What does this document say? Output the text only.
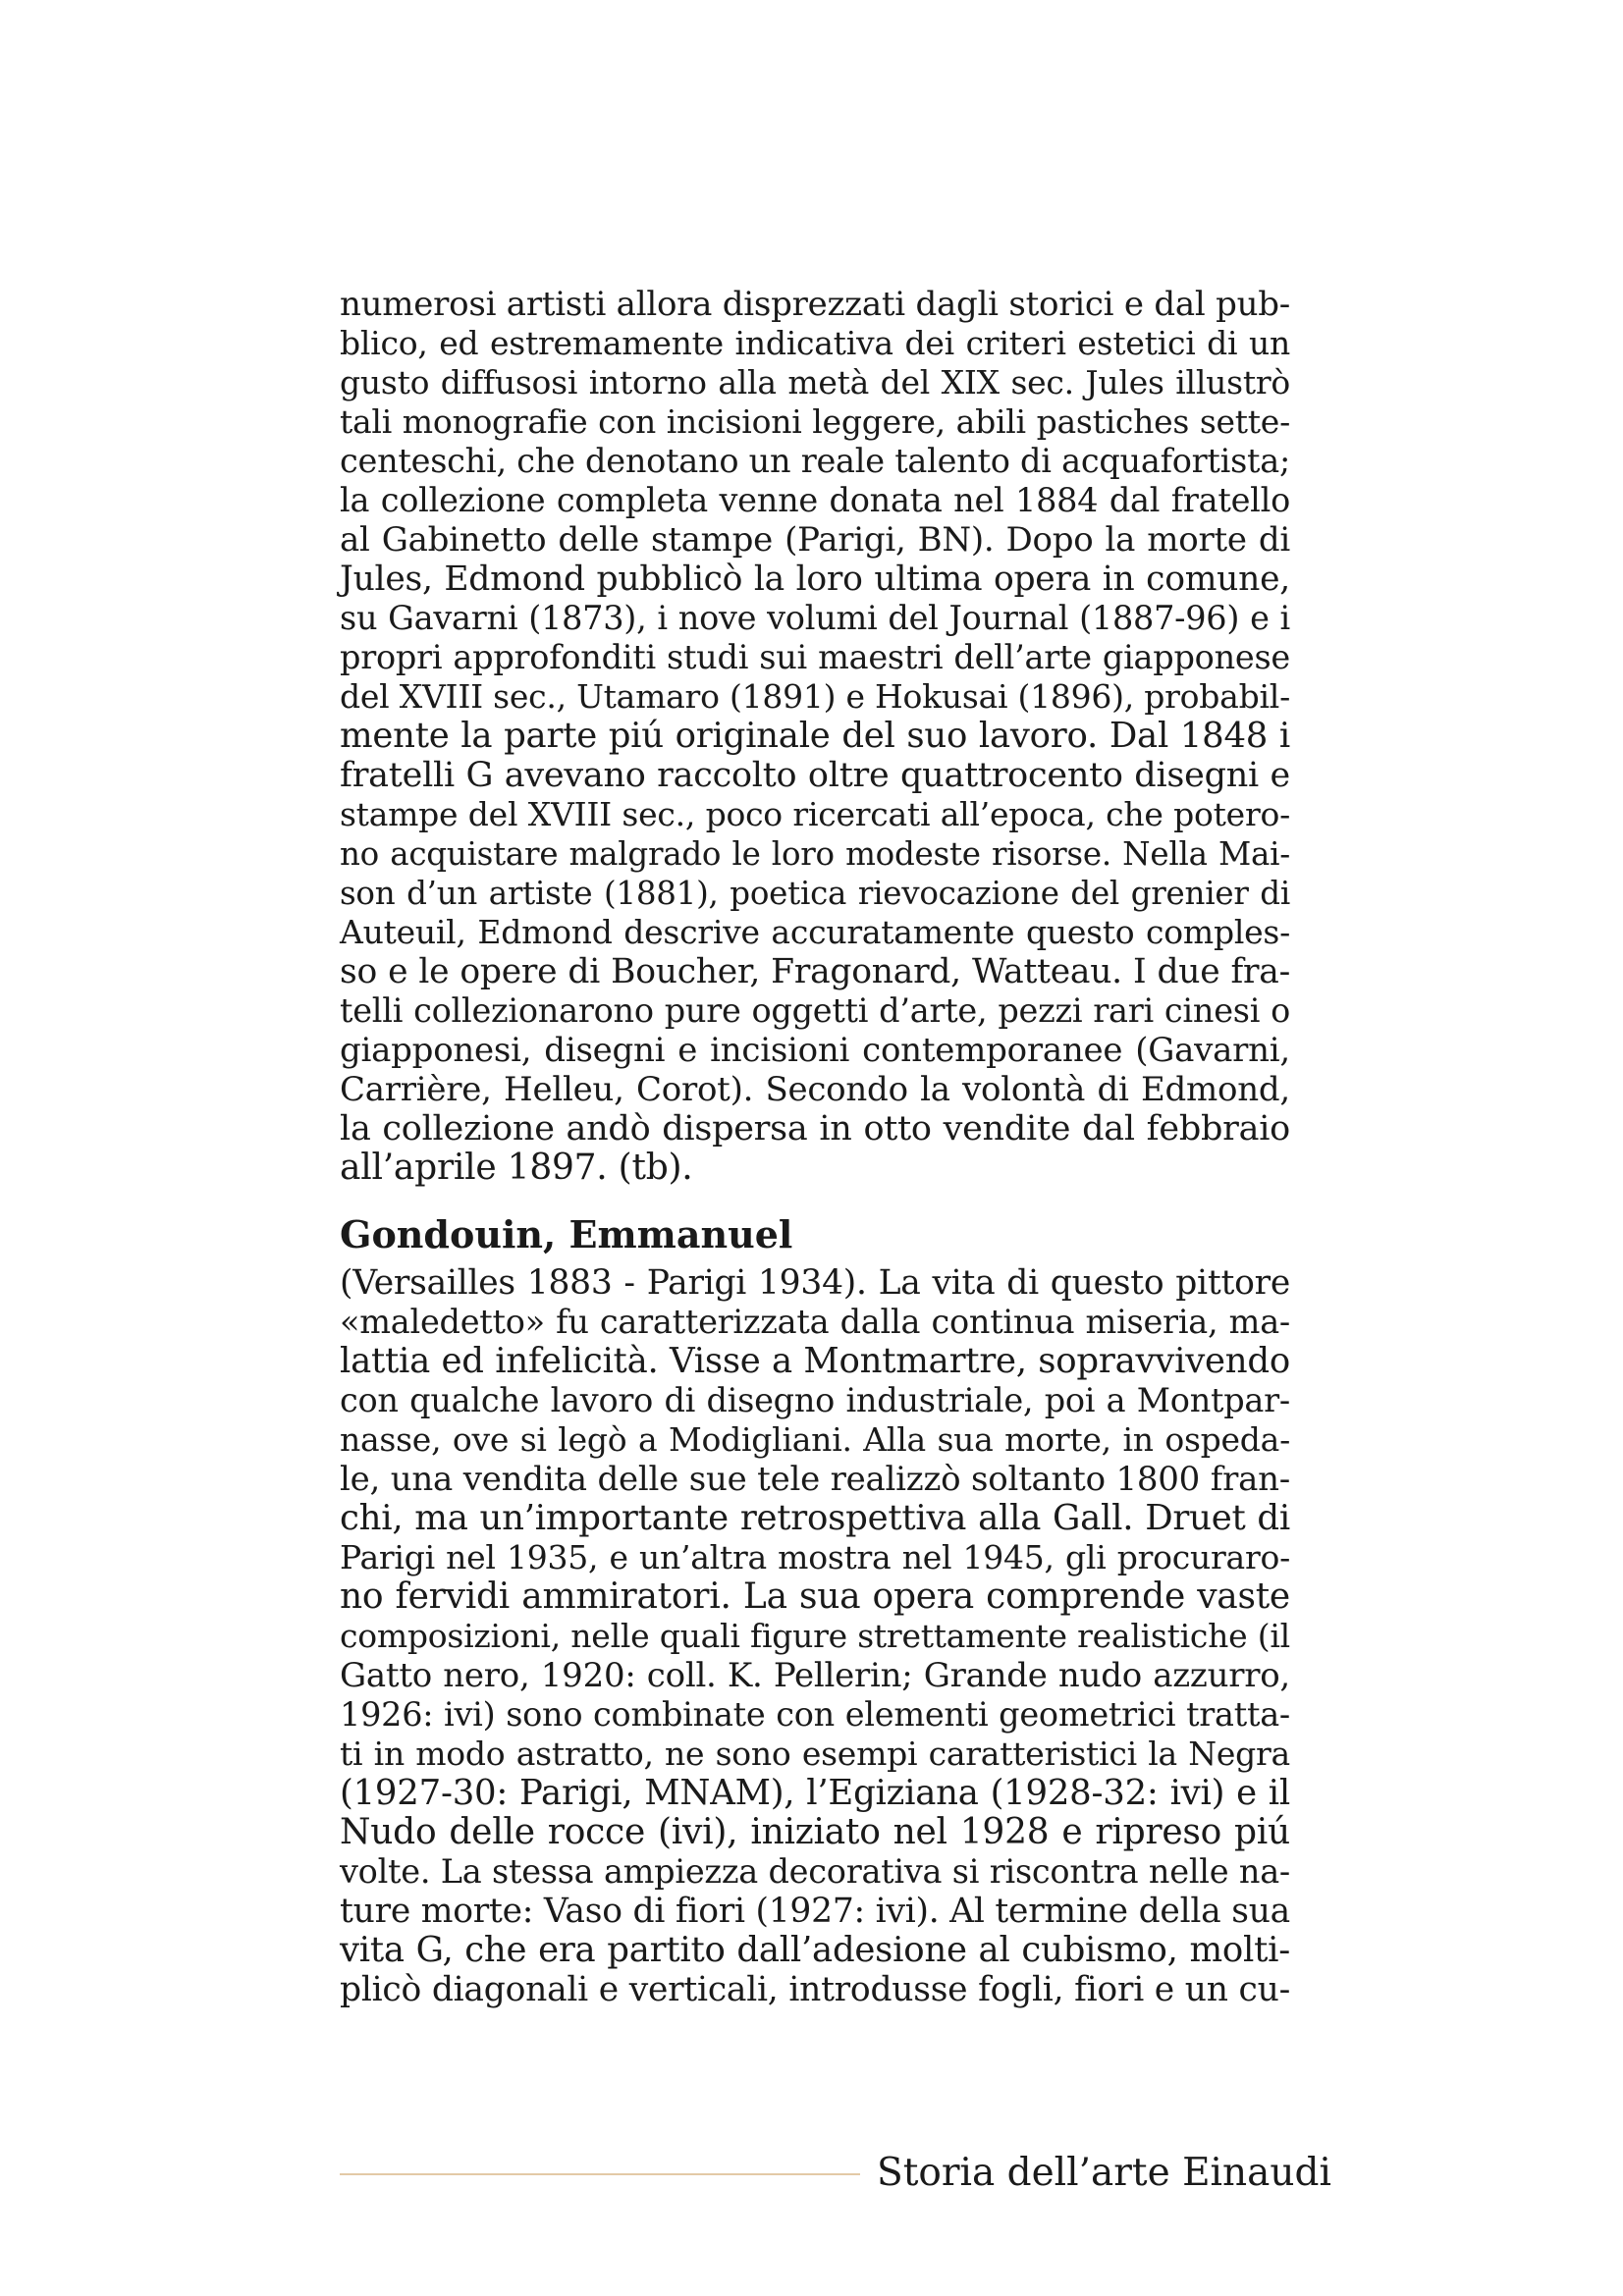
numerosi artisti allora disprezzati dagli storici e dal pub-
blico, ed estremamente indicativa dei criteri estetici di un
gusto diffusosi intorno alla metà del XIX sec. Jules illustrò
tali monografie con incisioni leggere, abili pastiches sette-
centeschi, che denotano un reale talento di acquafortista;
la collezione completa venne donata nel 1884 dal fratello
al Gabinetto delle stampe (Parigi, BN). Dopo la morte di
Jules, Edmond pubblicò la loro ultima opera in comune,
su Gavarni (1873), i nove volumi del Journal (1887-96) e i
propri approfonditi studi sui maestri dell’arte giapponese
del XVIII sec., Utamaro (1891) e Hokusai (1896), probabil-
mente la parte piú originale del suo lavoro. Dal 1848 i
fratelli G avevano raccolto oltre quattrocento disegni e
stampe del XVIII sec., poco ricercati all’epoca, che potero-
no acquistare malgrado le loro modeste risorse. Nella Mai-
son d’un artiste (1881), poetica rievocazione del grenier di
Auteuil, Edmond descrive accuratamente questo comples-
so e le opere di Boucher, Fragonard, Watteau. I due fra-
telli collezionarono pure oggetti d’arte, pezzi rari cinesi o
giapponesi, disegni e incisioni contemporanee (Gavarni,
Carrière, Helleu, Corot). Secondo la volontà di Edmond,
la collezione andò dispersa in otto vendite dal febbraio
all’aprile 1897. (tb).
Gondouin, Emmanuel
(Versailles 1883 - Parigi 1934). La vita di questo pittore
«maledetto» fu caratterizzata dalla continua miseria, ma-
lattia ed infelicità. Visse a Montmartre, sopravvivendo
con qualche lavoro di disegno industriale, poi a Montpar-
nasse, ove si legò a Modigliani. Alla sua morte, in ospeda-
le, una vendita delle sue tele realizzò soltanto 1800 fran-
chi, ma un’importante retrospettiva alla Gall. Druet di
Parigi nel 1935, e un’altra mostra nel 1945, gli procuraro-
no fervidi ammiratori. La sua opera comprende vaste
composizioni, nelle quali figure strettamente realistiche (il
Gatto nero, 1920: coll. K. Pellerin; Grande nudo azzurro,
1926: ivi) sono combinate con elementi geometrici trattа-
ti in modo astratto, ne sono esempi caratteristici la Negra
(1927-30: Parigi, MNAM), l’Egiziana (1928-32: ivi) e il
Nudo delle rocce (ivi), iniziato nel 1928 e ripreso piú
volte. La stessa ampiezza decorativa si riscontra nelle na-
ture morte: Vaso di fiori (1927: ivi). Al termine della sua
vita G, che era partito dall’adesione al cubismo, molti-
plicò diagonali e verticali, introdusse fogli, fiori e un cu-
Storia dell’arte Einaudi
